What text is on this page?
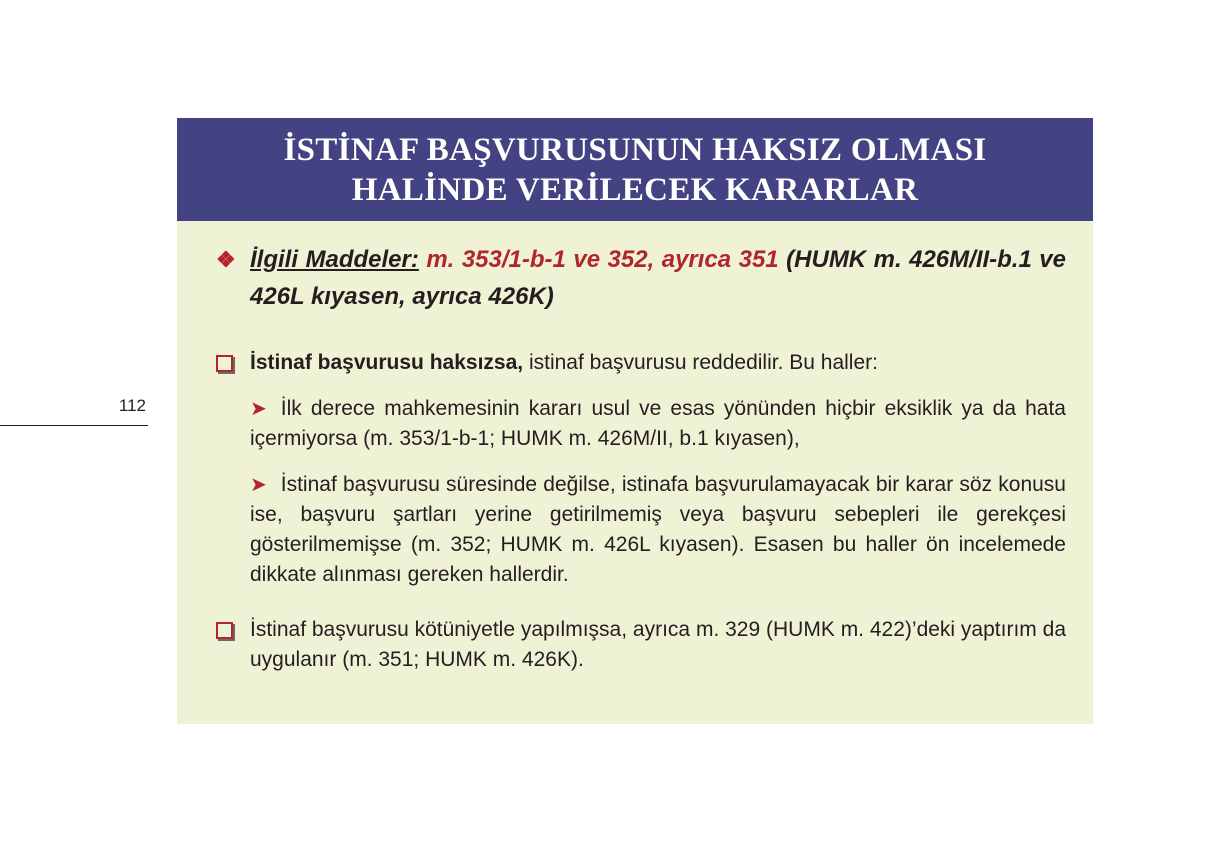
112
İSTİNAF BAŞVURUSUNUN HAKSIZ OLMASI
HALİNDE VERİLECEK KARARLAR
❖ İlgili Maddeler: m. 353/1-b-1 ve 352, ayrıca 351 (HUMK m. 426M/II-b.1 ve 426L kıyasen, ayrıca 426K)
İstinaf başvurusu haksızsa, istinaf başvurusu reddedilir. Bu haller:
➤ İlk derece mahkemesinin kararı usul ve esas yönünden hiçbir eksiklik ya da hata içermiyorsa (m. 353/1-b-1; HUMK m. 426M/II, b.1 kıyasen),
➤ İstinaf başvurusu süresinde değilse, istinafa başvurulamayacak bir karar söz konusu ise, başvuru şartları yerine getirilmemiş veya başvuru sebepleri ile gerekçesi gösterilmemişse (m. 352; HUMK m. 426L kıyasen). Esasen bu haller ön incelemede dikkate alınması gereken hallerdir.
İstinaf başvurusu kötüniyetle yapılmışsa, ayrıca m. 329 (HUMK m. 422)’deki yaptırım da uygulanır (m. 351; HUMK m. 426K).
